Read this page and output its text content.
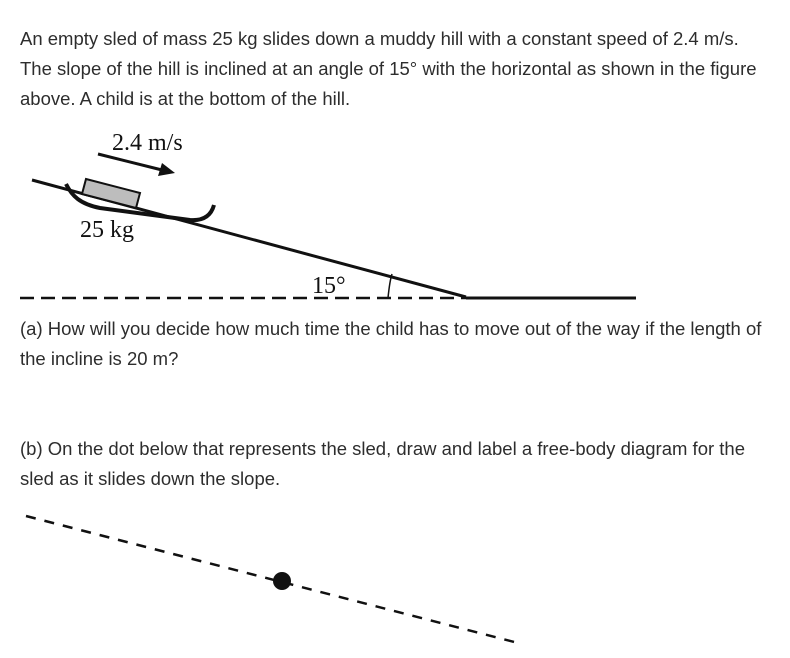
An empty sled of mass 25 kg slides down a muddy hill with a constant speed of 2.4 m/s. The slope of the hill is inclined at an angle of 15° with the horizontal as shown in the figure above. A child is at the bottom of the hill.

2.4 m/s
25 kg
15°

(a) How will you decide how much time the child has to move out of the way if the length of the incline is 20 m?

(b) On the dot below that represents the sled, draw and label a free-body diagram for the sled as it slides down the slope.
